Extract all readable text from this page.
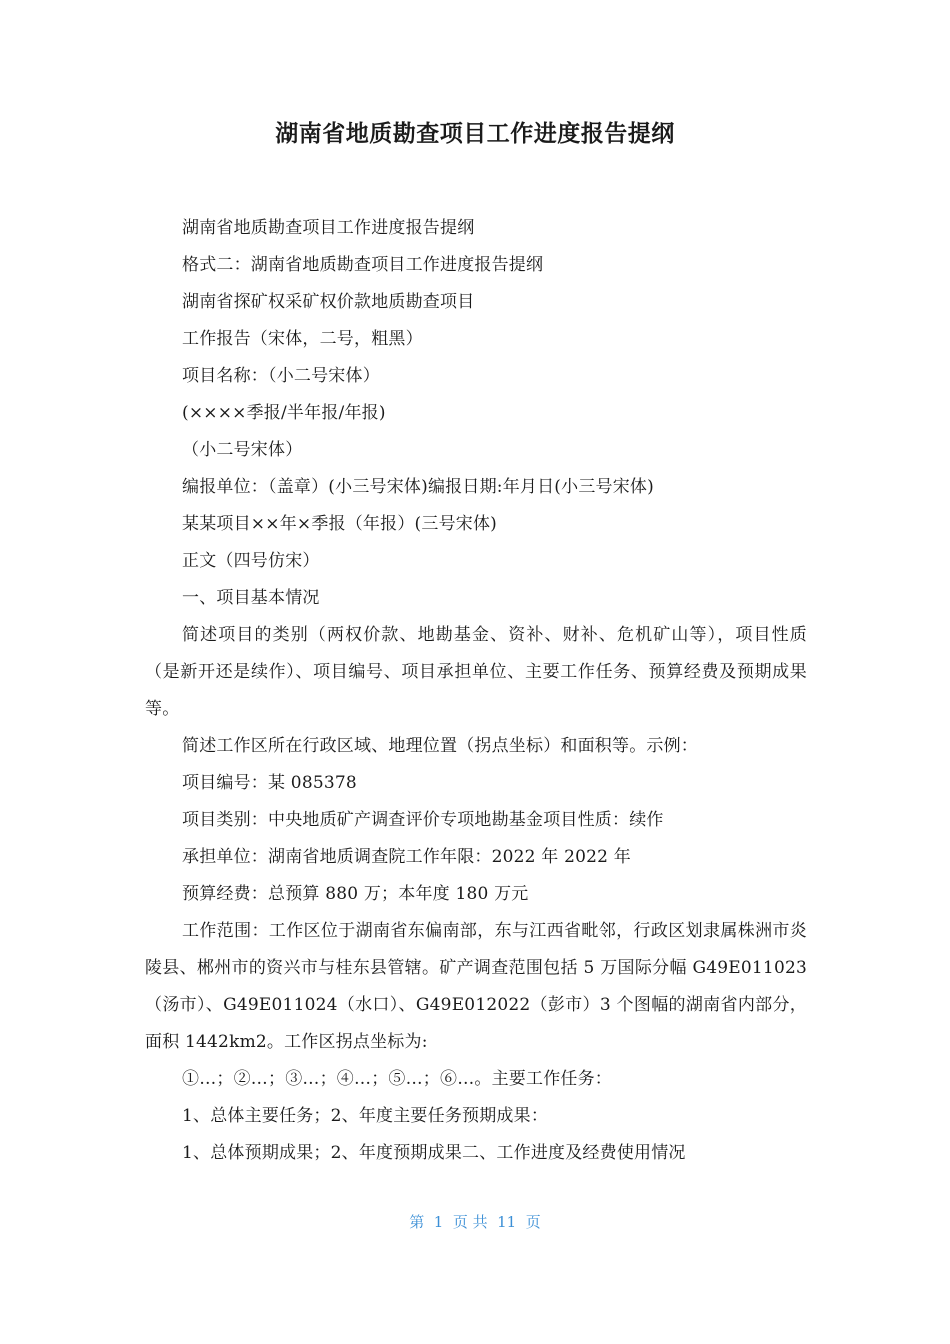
湖南省地质勘查项目工作进度报告提纲

湖南省地质勘查项目工作进度报告提纲

格式二：湖南省地质勘查项目工作进度报告提纲

湖南省探矿权采矿权价款地质勘查项目

工作报告（宋体，二号，粗黑）

项目名称：（小二号宋体）

(××××季报/半年报/年报)

（小二号宋体）

编报单位：（盖章）(小三号宋体)编报日期:年月日(小三号宋体)

某某项目××年×季报（年报）(三号宋体)

正文（四号仿宋）

一、项目基本情况

简述项目的类别（两权价款、地勘基金、资补、财补、危机矿山等），项目性质（是新开还是续作）、项目编号、项目承担单位、主要工作任务、预算经费及预期成果等。

简述工作区所在行政区域、地理位置（拐点坐标）和面积等。示例：

项目编号：某 085378

项目类别：中央地质矿产调查评价专项地勘基金项目性质：续作

承担单位：湖南省地质调查院工作年限：2022 年 2022 年

预算经费：总预算 880 万；本年度 180 万元

工作范围：工作区位于湖南省东偏南部，东与江西省毗邻，行政区划隶属株洲市炎陵县、郴州市的资兴市与桂东县管辖。矿产调查范围包括 5 万国际分幅 G49E011023（汤市）、G49E011024（水口）、G49E012022（彭市）3 个图幅的湖南省内部分，面积 1442km2。工作区拐点坐标为:

①…；②…；③…；④…；⑤…；⑥…。主要工作任务：

1、总体主要任务；2、年度主要任务预期成果：

1、总体预期成果；2、年度预期成果二、工作进度及经费使用情况

第  1  页 共  11  页
